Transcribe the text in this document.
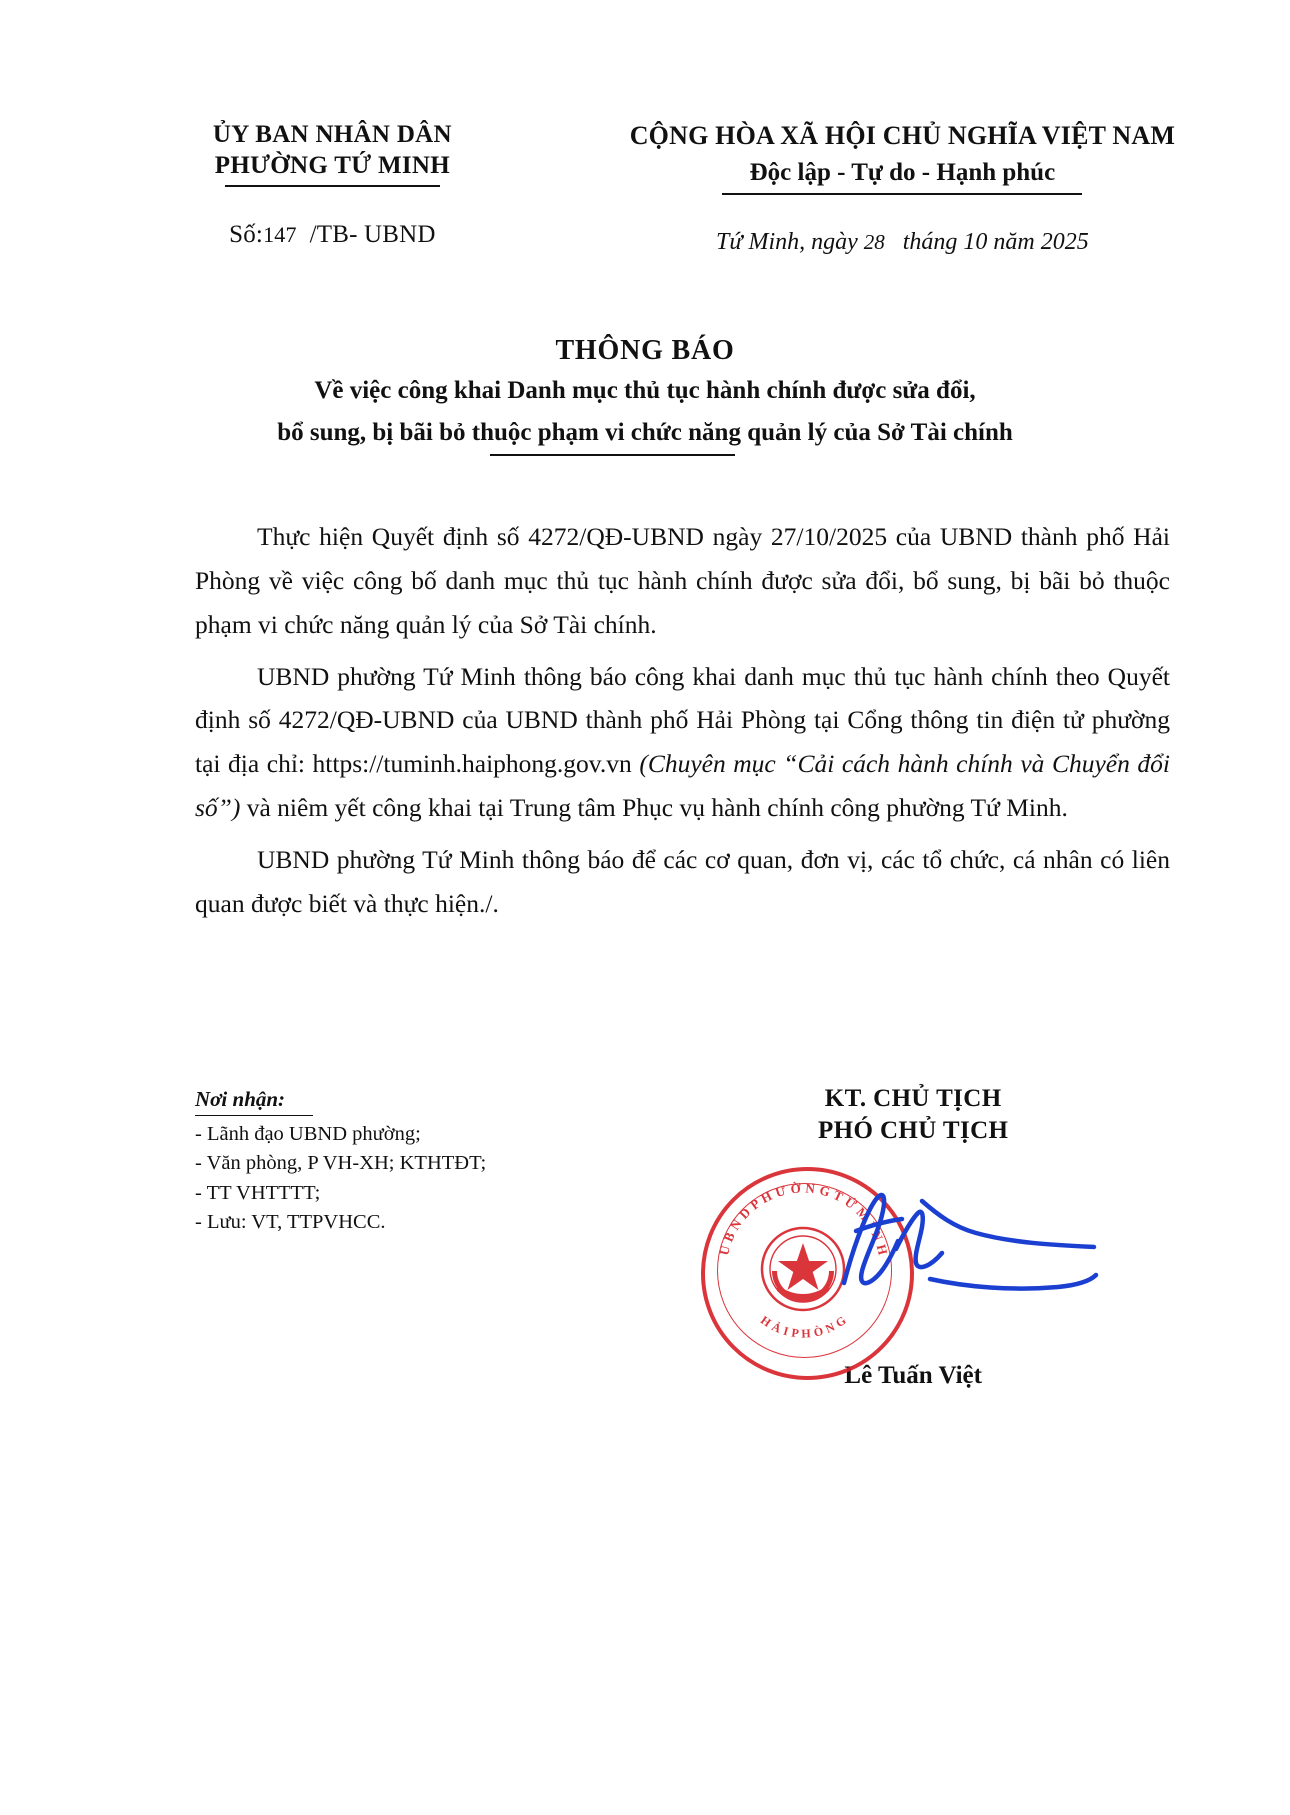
ỦY BAN NHÂN DÂN
PHƯỜNG TỨ MINH
Số:147 /TB- UBND
CỘNG HÒA XÃ HỘI CHỦ NGHĨA VIỆT NAM
Độc lập - Tự do - Hạnh phúc
Tứ Minh, ngày 28 tháng 10 năm 2025
THÔNG BÁO
Về việc công khai Danh mục thủ tục hành chính được sửa đổi,
bổ sung, bị bãi bỏ thuộc phạm vi chức năng quản lý của Sở Tài chính

Thực hiện Quyết định số 4272/QĐ-UBND ngày 27/10/2025 của UBND thành phố Hải Phòng về việc công bố danh mục thủ tục hành chính được sửa đổi, bổ sung, bị bãi bỏ thuộc phạm vi chức năng quản lý của Sở Tài chính.

UBND phường Tứ Minh thông báo công khai danh mục thủ tục hành chính theo Quyết định số 4272/QĐ-UBND của UBND thành phố Hải Phòng tại Cổng thông tin điện tử phường tại địa chỉ: https://tuminh.haiphong.gov.vn (Chuyên mục “Cải cách hành chính và Chuyển đổi số”) và niêm yết công khai tại Trung tâm Phục vụ hành chính công phường Tứ Minh.

UBND phường Tứ Minh thông báo để các cơ quan, đơn vị, các tổ chức, cá nhân có liên quan được biết và thực hiện./.

Nơi nhận:
- Lãnh đạo UBND phường;
- Văn phòng, P VH-XH; KTHTĐT;
- TT VHTTTT;
- Lưu: VT, TTPVHCC.
KT. CHỦ TỊCH
PHÓ CHỦ TỊCH
U B N D P H Ư Ờ N G T Ứ M I N H
H Ả I P H Ò N G
Lê Tuấn Việt
